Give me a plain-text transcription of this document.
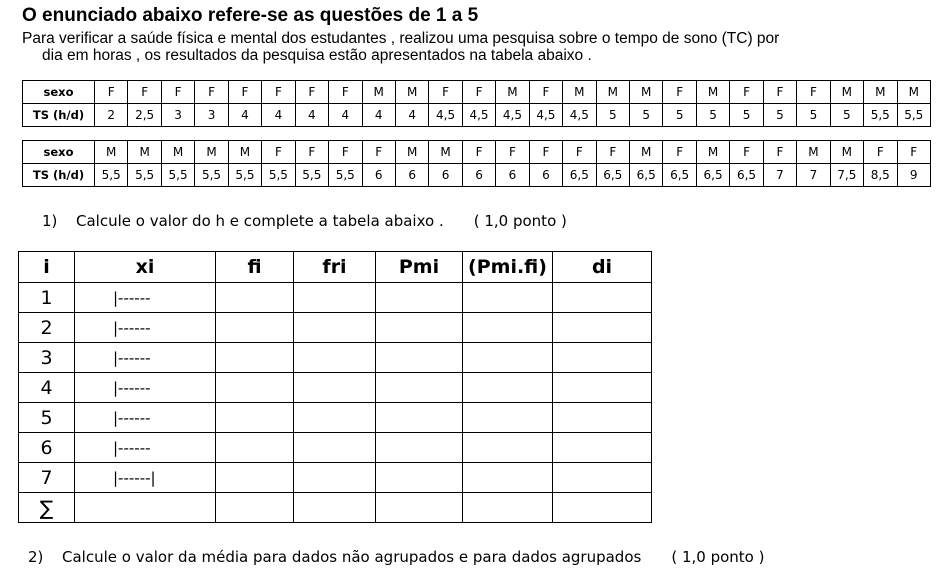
O enunciado abaixo refere-se as questões de 1 a 5
Para verificar a saúde física e mental dos estudantes , realizou uma pesquisa sobre o tempo de sono (TC) por
dia em horas , os resultados da pesquisa estão apresentados na tabela abaixo .
sexo	F	F	F	F	F	F	F	F	M	M	F	F	M	F	M	M	M	F	M	F	F	F	M	M	M
TS (h/d)	2	2,5	3	3	4	4	4	4	4	4	4,5	4,5	4,5	4,5	4,5	5	5	5	5	5	5	5	5	5,5	5,5
sexo	M	M	M	M	M	F	F	F	F	M	M	F	F	F	F	F	M	F	M	F	F	M	M	F	F
TS (h/d)	5,5	5,5	5,5	5,5	5,5	5,5	5,5	5,5	6	6	6	6	6	6	6,5	6,5	6,5	6,5	6,5	6,5	7	7	7,5	8,5	9
1) Calcule o valor do h e complete a tabela abaixo . ( 1,0 ponto )
i	xi	fi	fri	Pmi	(Pmi.fi)	di
1	|------					
2	|------					
3	|------					
4	|------					
5	|------					
6	|------					
7	|------|					
∑						
2) Calcule o valor da média para dados não agrupados e para dados agrupados ( 1,0 ponto )
